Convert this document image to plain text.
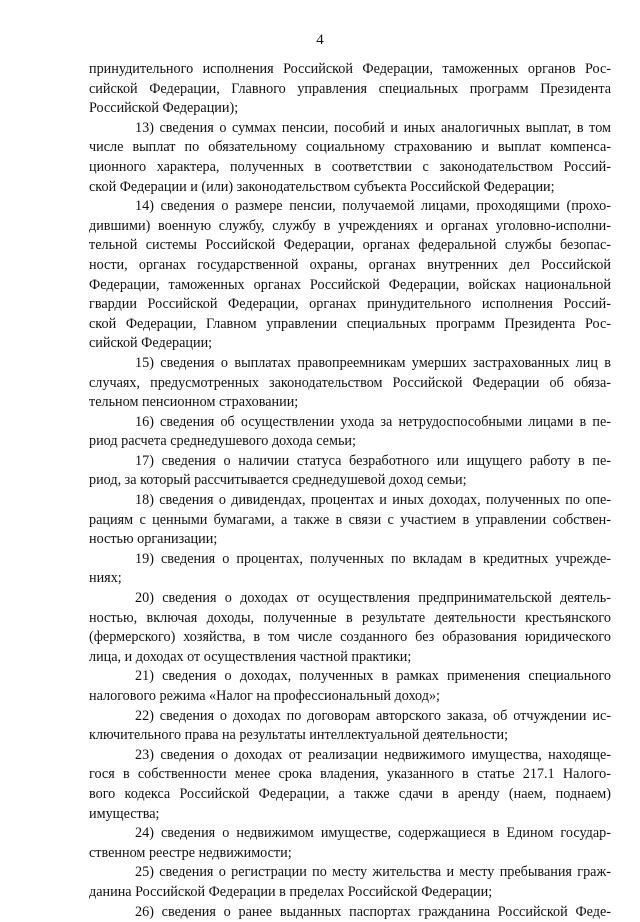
4
принудительного исполнения Российской Федерации, таможенных органов Рос-
сийской Федерации, Главного управления специальных программ Президента
Российской Федерации);
13) сведения о суммах пенсии, пособий и иных аналогичных выплат, в том
числе выплат по обязательному социальному страхованию и выплат компенса-
ционного характера, полученных в соответствии с законодательством Россий-
ской Федерации и (или) законодательством субъекта Российской Федерации;
14) сведения о размере пенсии, получаемой лицами, проходящими (прохо-
дившими) военную службу, службу в учреждениях и органах уголовно-исполни-
тельной системы Российской Федерации, органах федеральной службы безопас-
ности, органах государственной охраны, органах внутренних дел Российской
Федерации, таможенных органах Российской Федерации, войсках национальной
гвардии Российской Федерации, органах принудительного исполнения Россий-
ской Федерации, Главном управлении специальных программ Президента Рос-
сийской Федерации;
15) сведения о выплатах правопреемникам умерших застрахованных лиц в
случаях, предусмотренных законодательством Российской Федерации об обяза-
тельном пенсионном страховании;
16) сведения об осуществлении ухода за нетрудоспособными лицами в пе-
риод расчета среднедушевого дохода семьи;
17) сведения о наличии статуса безработного или ищущего работу в пе-
риод, за который рассчитывается среднедушевой доход семьи;
18) сведения о дивидендах, процентах и иных доходах, полученных по опе-
рациям с ценными бумагами, а также в связи с участием в управлении собствен-
ностью организации;
19) сведения о процентах, полученных по вкладам в кредитных учрежде-
ниях;
20) сведения о доходах от осуществления предпринимательской деятель-
ностью, включая доходы, полученные в результате деятельности крестьянского
(фермерского) хозяйства, в том числе созданного без образования юридического
лица, и доходах от осуществления частной практики;
21) сведения о доходах, полученных в рамках применения специального
налогового режима «Налог на профессиональный доход»;
22) сведения о доходах по договорам авторского заказа, об отчуждении ис-
ключительного права на результаты интеллектуальной деятельности;
23) сведения о доходах от реализации недвижимого имущества, находяще-
гося в собственности менее срока владения, указанного в статье 217.1 Налого-
вого кодекса Российской Федерации, а также сдачи в аренду (наем, поднаем)
имущества;
24) сведения о недвижимом имуществе, содержащиеся в Едином государ-
ственном реестре недвижимости;
25) сведения о регистрации по месту жительства и месту пребывания граж-
данина Российской Федерации в пределах Российской Федерации;
26) сведения о ранее выданных паспортах гражданина Российской Феде-
